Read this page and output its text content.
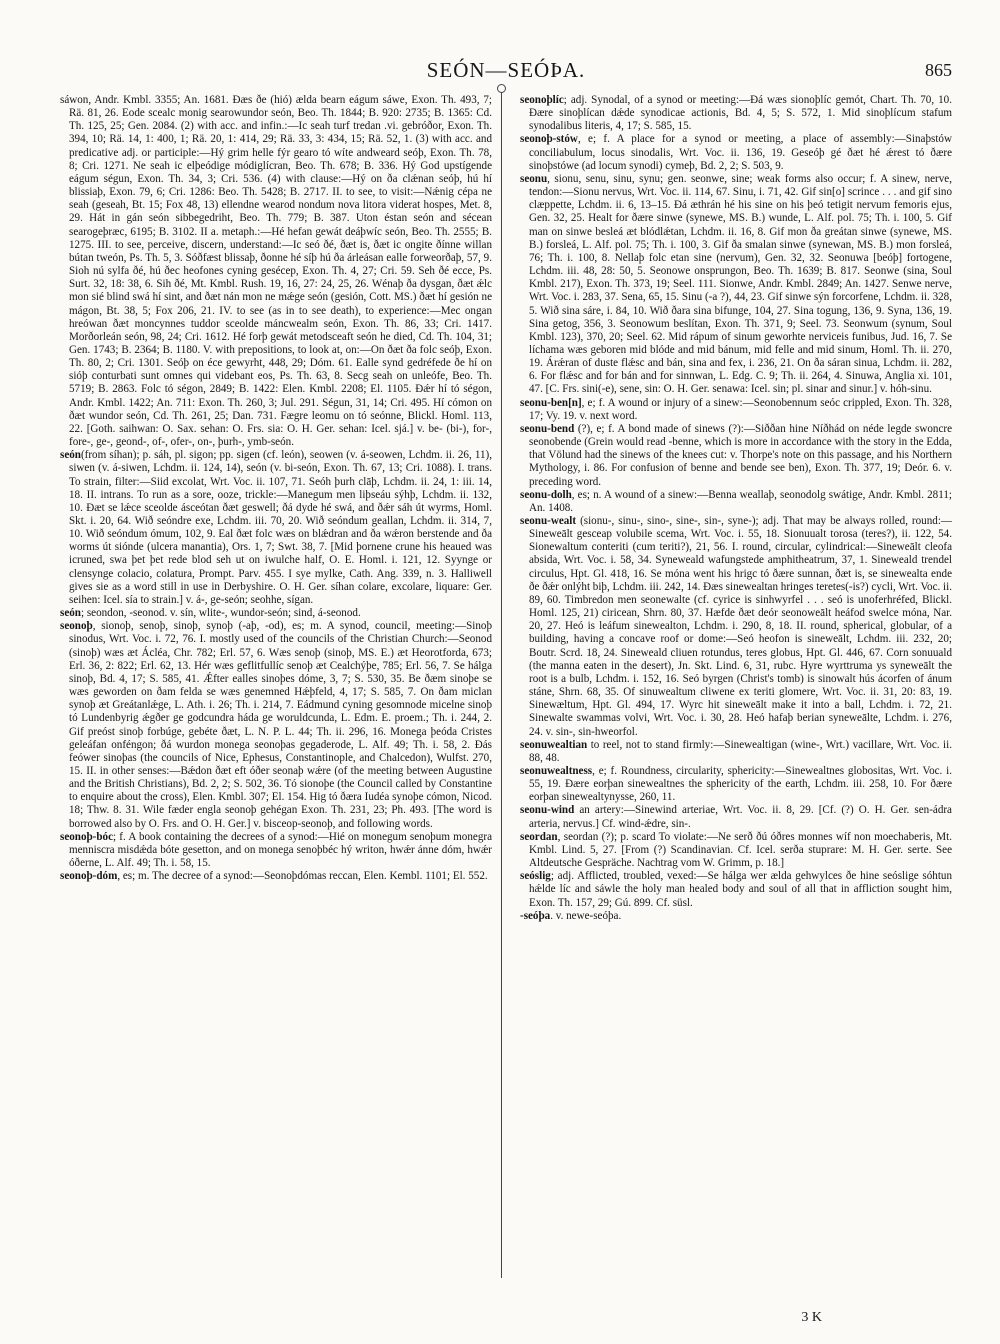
SEÓN—SEÓÞA.	865

sáwon, Andr. Kmbl. 3355; An. 1681. Ðæs ðe (hió) ælda bearn eágum sáwe, Exon. Th. 493, 7; Rä. 81, 26. Eode scealc monig searowundor seón, Beo. Th. 1844; B. 920: 2735; B. 1365: Cd. Th. 125, 25; Gen. 2084. (2) with acc. and infin.:—Ic seah turf tredan .vi. gebróðor, Exon. Th. 394, 10; Rä. 14, 1: 400, 1; Rä. 20, 1: 414, 29; Rä. 33, 3: 434, 15; Rä. 52, 1. (3) with acc. and predicative adj. or participle:—Hý grim helle fýr gearo tó wíte andweard seóþ, Exon. Th. 78, 8; Cri. 1271. Ne seah ic elþeódige módiglícran, Beo. Th. 678; B. 336. Hý God upstígende eágum ségun, Exon. Th. 34, 3; Cri. 536. (4) with clause:—Hý on ða clǽnan seóþ, hú hí blissiaþ, Exon. 79, 6; Cri. 1286: Beo. Th. 5428; B. 2717. II. to see, to visit:—Nǽnig cépa ne seah (geseah, Bt. 15; Fox 48, 13) ellendne wearod nondum nova litora viderat hospes, Met. 8, 29. Hát in gán seón sibbegedriht, Beo. Th. 779; B. 387. Uton éstan seón and sécean searogeþræc, 6195; B. 3102. II a. metaph.:—Hé hefan gewát deáþwíc seón, Beo. Th. 2555; B. 1275. III. to see, perceive, discern, understand:—Ic seó ðé, ðæt is, ðæt ic ongite ðínne willan bútan tweón, Ps. Th. 5, 3. Sóðfæst blissaþ, ðonne hé síþ hú ða árleásan ealle forweorðaþ, 57, 9. Sioh nú sylfa ðé, hú ðec heofones cyning gesécep, Exon. Th. 4, 27; Cri. 59. Seh ðé ecce, Ps. Surt. 32, 18: 38, 6. Sih ðé, Mt. Kmbl. Rush. 19, 16, 27: 24, 25, 26. Wénaþ ða dysgan, ðæt ǽlc mon sié blind swá hí sint, and ðæt nán mon ne mǽge seón (gesión, Cott. MS.) ðæt hí gesión ne mágon, Bt. 38, 5; Fox 206, 21. IV. to see (as in to see death), to experience:—Mec ongan hreówan ðæt moncynnes tuddor sceolde máncwealm seón, Exon. Th. 86, 33; Cri. 1417. Morðorleán seón, 98, 24; Cri. 1612. Hé forþ gewát metodsceaft seón he died, Cd. Th. 104, 31; Gen. 1743; B. 2364; B. 1180. V. with prepositions, to look at, on:—On ðæt ða folc seóþ, Exon. Th. 80, 2; Cri. 1301. Seóþ on éce gewyrht, 448, 29; Dóm. 61. Ealle synd gedréfede ðe hí on sióþ conturbati sunt omnes qui videbant eos, Ps. Th. 63, 8. Secg seah on unleófe, Beo. Th. 5719; B. 2863. Folc tó ségon, 2849; B. 1422: Elen. Kmbl. 2208; El. 1105. Ðǽr hí tó ségon, Andr. Kmbl. 1422; An. 711: Exon. Th. 260, 3; Jul. 291. Ségun, 31, 14; Cri. 495. Hí cómon on ðæt wundor seón, Cd. Th. 261, 25; Dan. 731. Fægre leomu on tó seónne, Blickl. Homl. 113, 22. [Goth. saihwan: O. Sax. sehan: O. Frs. sia: O. H. Ger. sehan: Icel. sjá.] v. be- (bi-), for-, fore-, ge-, geond-, of-, ofer-, on-, þurh-, ymb-seón.

seón(from síhan); p. sáh, pl. sigon; pp. sigen (cf. león), seowen (v. á-seowen, Lchdm. ii. 26, 11), siwen (v. á-siwen, Lchdm. ii. 124, 14), seón (v. bi-seón, Exon. Th. 67, 13; Cri. 1088). I. trans. To strain, filter:—Siid excolat, Wrt. Voc. ii. 107, 71. Seóh þurh clāþ, Lchdm. ii. 24, 1: iii. 14, 18. II. intrans. To run as a sore, ooze, trickle:—Manegum men liþseáu sýhþ, Lchdm. ii. 132, 10. Ðæt se lǽce sceolde ásceótan ðæt geswell; ðá dyde hé swá, and ðǽr sáh út wyrms, Homl. Skt. i. 20, 64. Wið seóndre exe, Lchdm. iii. 70, 20. Wið seóndum geallan, Lchdm. ii. 314, 7, 10. Wið seóndum ómum, 102, 9. Eal ðæt folc wæs on blǽdran and ða wǽron berstende and ða worms út sióndе (ulcera manantia), Ors. 1, 7; Swt. 38, 7. [Mid þornene crune his heaued was icruned, swa þet þet rede blod seh ut on iwulche half, O. E. Homl. i. 121, 12. Syynge or clensynge colacio, colatura, Prompt. Parv. 455. I sye mylke, Cath. Ang. 339, n. 3. Halliwell gives sie as a word still in use in Derbyshire. O. H. Ger. síhan colare, excolare, liquare: Ger. seihen: Icel. sía to strain.] v. á-, ge-seón; seohhe, sígan.

seón; seondon, -seonod. v. sín, wlite-, wundor-seón; sind, á-seonod.

seonoþ, sionoþ, senoþ, sinoþ, synoþ (-aþ, -od), es; m. A synod, council, meeting:—Sinoþ sinodus, Wrt. Voc. i. 72, 76. I. mostly used of the councils of the Christian Church:—Seonod (sinoþ) wæs æt Ácléa, Chr. 782; Erl. 57, 6. Wæs senoþ (sinoþ, MS. E.) æt Heorotforda, 673; Erl. 36, 2: 822; Erl. 62, 13. Hér wæs geflitfullíc senoþ æt Cealchýþe, 785; Erl. 56, 7. Se hálga sinoþ, Bd. 4, 17; S. 585, 41. Ǽfter ealles sinoþes dóme, 3, 7; S. 530, 35. Be ðæm sinoþe se wæs geworden on ðam felda se wæs genemned Hǽþfeld, 4, 17; S. 585, 7. On ðam miclan synoþ æt Greátanlǽge, L. Ath. i. 26; Th. i. 214, 7. Eádmund cyning gesomnode micelne sinoþ tó Lundenbyrig ǽgðer ge godcundra háda ge woruldcunda, L. Edm. E. proem.; Th. i. 244, 2. Gif preóst sinoþ forbúge, gebéte ðæt, L. N. P. L. 44; Th. ii. 296, 16. Monega þeóda Cristes geleáfan onféngon; ðá wurdon monega seonoþas gegaderode, L. Alf. 49; Th. i. 58, 2. Ðás feówer sinoþas (the councils of Nice, Ephesus, Constantinople, and Chalcedon), Wulfst. 270, 15. II. in other senses:—Bǽdon ðæt eft óðer seonaþ wǽre (of the meeting between Augustine and the British Christians), Bd. 2, 2; S. 502, 36. Tó sionoþe (the Council called by Constantine to enquire about the cross), Elen. Kmbl. 307; El. 154. Hig tó ðæra Iudéa synoþe cómon, Nicod. 18; Thw. 8. 31. Wile fæder englа seonoþ gehégan Exon. Th. 231, 23; Ph. 493. [The word is borrowed also by O. Frs. and O. H. Ger.] v. bisceop-seonoþ, and following words.

seonoþ-bóc; f. A book containing the decrees of a synod:—Hié on monegum senoþum monegra menniscra misdǽda bóte gesetton, and on monega senoþbéc hý writon, hwǽr ánne dóm, hwǽr óðerne, L. Alf. 49; Th. i. 58, 15.

seonoþ-dóm, es; m. The decree of a synod:—Seonoþdómas reccan, Elen. Kembl. 1101; El. 552.

seonoþlíc; adj. Synodal, of a synod or meeting:—Ðá wæs sionoþlíc gemót, Chart. Th. 70, 10. Ðære sinoþlícan dǽde synodicae actionis, Bd. 4, 5; S. 572, 1. Mid sinoþlícum stafum synodalibus literis, 4, 17; S. 585, 15.

seonoþ-stów, e; f. A place for a synod or meeting, a place of assembly:—Sinaþstów conciliabulum, locus sinodalis, Wrt. Voc. ii. 136, 19. Geseóþ gé ðæt hé ǽrest tó ðære sinoþstówe (ad locum synodi) cymeþ, Bd. 2, 2; S. 503, 9.

seonu, sionu, senu, sinu, synu; gen. seonwe, sine; weak forms also occur; f. A sinew, nerve, tendon:—Sionu nervus, Wrt. Voc. ii. 114, 67. Sinu, i. 71, 42. Gif sin[o] scrince . . . and gif sino clæppette, Lchdm. ii. 6, 13–15. Ðá æthrán hé his sine on his þeó tetigit nervum femoris ejus, Gen. 32, 25. Healt for ðære sinwe (synewe, MS. B.) wunde, L. Alf. pol. 75; Th. i. 100, 5. Gif man on sinwe besleá æt blódlǽtan, Lchdm. ii. 16, 8. Gif mon ða greátan sinwe (synewe, MS. B.) forsleá, L. Alf. pol. 75; Th. i. 100, 3. Gif ða smalan sinwe (synewan, MS. B.) mon forsleá, 76; Th. i. 100, 8. Nellaþ folc etan sine (nervum), Gen. 32, 32. Seonuwa [beóþ] fortogene, Lchdm. iii. 48, 28: 50, 5. Seonowe onsprungon, Beo. Th. 1639; B. 817. Seonwe (sina, Soul Kmbl. 217), Exon. Th. 373, 19; Seel. 111. Sionwe, Andr. Kmbl. 2849; An. 1427. Senwe nerve, Wrt. Voc. i. 283, 37. Sena, 65, 15. Sinu (-a ?), 44, 23. Gif sinwe sýn forcorfene, Lchdm. ii. 328, 5. Wið sina sáre, i. 84, 10. Wið ðara sina bifunge, 104, 27. Sina togung, 136, 9. Syna, 136, 19. Sina getog, 356, 3. Seonowum beslítan, Exon. Th. 371, 9; Seel. 73. Seonwum (synum, Soul Kmbl. 123), 370, 20; Seel. 62. Mid rápum of sinum geworhte nerviceis funibus, Jud. 16, 7. Se líchama wæs geboren mid blóde and mid bánum, mid felle and mid sinum, Homl. Th. ii. 270, 19. Árǽran of duste flǽsc and bán, sina and fex, i. 236, 21. On ða sáran sinua, Lchdm. ii. 282, 6. For flǽsc and for bán and for sinnwan, L. Edg. C. 9; Th. ii. 264, 4. Sinuwa, Anglia xi. 101, 47. [C. Frs. sini(-e), sene, sin: O. H. Ger. senawa: Icel. sin; pl. sinar and sinur.] v. hóh-sinu.

seonu-ben[n], e; f. A wound or injury of a sinew:—Seonobennum seóc crippled, Exon. Th. 328, 17; Vy. 19. v. next word.

seonu-bend (?), e; f. A bond made of sinews (?):—Siððan hine Níðhád on néde legde swoncre seonobende (Grein would read -benne, which is more in accordance with the story in the Edda, that Völund had the sinews of the knees cut: v. Thorpe's note on this passage, and his Northern Mythology, i. 86. For confusion of benne and bende see ben), Exon. Th. 377, 19; Deór. 6. v. preceding word.

seonu-dolh, es; n. A wound of a sinew:—Benna weallaþ, seonodolg swátige, Andr. Kmbl. 2811; An. 1408.

seonu-wealt (sionu-, sinu-, sino-, sine-, sin-, syne-); adj. That may be always rolled, round:—Sineweālt gesceap volubile scema, Wrt. Voc. i. 55, 18. Sionuualt torosa (teres?), ii. 122, 54. Sionewaltum conteriti (cum teriti?), 21, 56. I. round, circular, cylindrical:—Sineweālt cleofa absida, Wrt. Voc. i. 58, 34. Syneweald wafungstede amphitheatrum, 37, 1. Sineweald trendel circulus, Hpt. Gl. 418, 16. Se móna went his hrigc tó ðære sunnan, ðæt is, se sinewealta ende ðe ðǽr onlýht biþ, Lchdm. iii. 242, 14. Ðæs sinewealtan hringes teretes(-is?) cycli, Wrt. Voc. ii. 89, 60. Timbredon men seonewalte (cf. cyrice is sinhwyrfel . . . seó is unoferhréfed, Blickl. Homl. 125, 21) ciricean, Shrn. 80, 37. Hæfde ðæt deór seonoweālt heáfod swelce móna, Nar. 20, 27. Heó is leáfum sinewealton, Lchdm. i. 290, 8, 18. II. round, spherical, globular, of a building, having a concave roof or dome:—Seó heofon is sineweālt, Lchdm. iii. 232, 20; Boutr. Scrd. 18, 24. Sineweald cliuen rotundus, teres globus, Hpt. Gl. 446, 67. Corn sonuuald (the manna eaten in the desert), Jn. Skt. Lind. 6, 31, rubc. Hyre wyrttruma ys syneweālt the root is a bulb, Lchdm. i. 152, 16. Seó byrgen (Christ's tomb) is sinowalt hús ácorfen of ánum stáne, Shrn. 68, 35. Of sinuwealtum cliwene ex teriti glomere, Wrt. Voc. ii. 31, 20: 83, 19. Sinewæltum, Hpt. Gl. 494, 17. Wyrc hit sineweālt make it into a ball, Lchdm. i. 72, 21. Sinewalte swammas volvi, Wrt. Voc. i. 30, 28. Heó hafaþ berian syneweālte, Lchdm. i. 276, 24. v. sin-, sin-hweorfol.

seonuwealtian to reel, not to stand firmly:—Sinewealtigan (wine-, Wrt.) vacillare, Wrt. Voc. ii. 88, 48.

seonuwealtness, e; f. Roundness, circularity, sphericity:—Sinewealtnes globositas, Wrt. Voc. i. 55, 19. Ðære eorþan sinewealtnes the sphericity of the earth, Lchdm. iii. 258, 10. For ðære eorþan sinewealtynysse, 260, 11.

seonu-wind an artery:—Sinewind arteriae, Wrt. Voc. ii. 8, 29. [Cf. (?) O. H. Ger. sen-ádra arteria, nervus.] Cf. wind-ǽdre, sin-.

seordan, seordan (?); p. scard To violate:—Ne serð ðú óðres monnes wíf non moechaberis, Mt. Kmbl. Lind. 5, 27. [From (?) Scandinavian. Cf. Icel. serða stuprare: M. H. Ger. serte. See Altdeutsche Gespräche. Nachtrag vom W. Grimm, p. 18.]

seóslig; adj. Afflicted, troubled, vexed:—Se hálga wer ælda gehwylces ðe hine seóslige sóhtun hǽlde líc and sáwle the holy man healed body and soul of all that in affliction sought him, Exon. Th. 157, 29; Gú. 899. Cf. süsl.

-seóþa. v. newe-seóþa.

3 K
